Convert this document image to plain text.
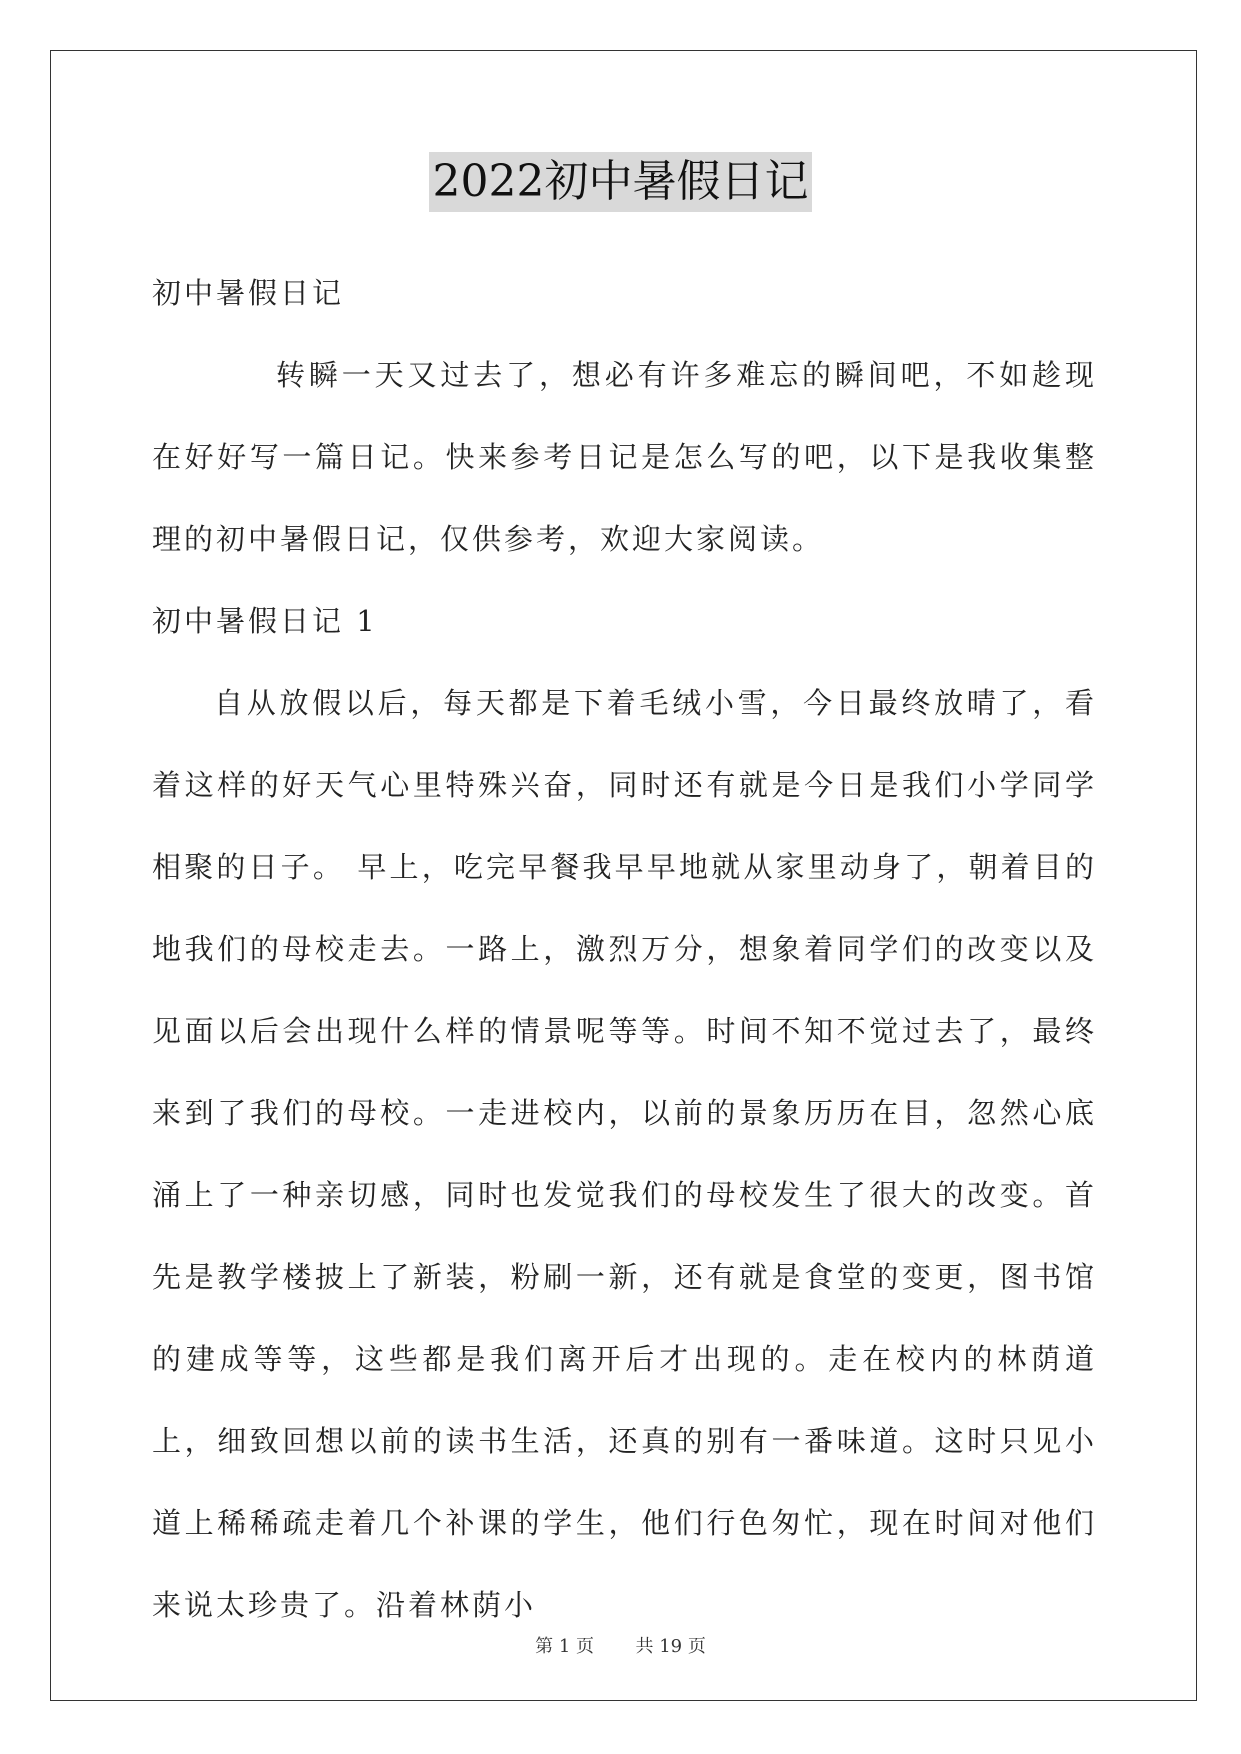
2022初中暑假日记

初中暑假日记

转瞬一天又过去了，想必有许多难忘的瞬间吧，不如趁现在好好写一篇日记。快来参考日记是怎么写的吧，以下是我收集整理的初中暑假日记，仅供参考，欢迎大家阅读。

初中暑假日记 1

自从放假以后，每天都是下着毛绒小雪，今日最终放晴了，看着这样的好天气心里特殊兴奋，同时还有就是今日是我们小学同学相聚的日子。 早上，吃完早餐我早早地就从家里动身了，朝着目的地我们的母校走去。一路上，激烈万分，想象着同学们的改变以及见面以后会出现什么样的情景呢等等。时间不知不觉过去了，最终来到了我们的母校。一走进校内，以前的景象历历在目，忽然心底涌上了一种亲切感，同时也发觉我们的母校发生了很大的改变。首先是教学楼披上了新装，粉刷一新，还有就是食堂的变更，图书馆的建成等等，这些都是我们离开后才出现的。走在校内的林荫道上，细致回想以前的读书生活，还真的别有一番味道。这时只见小道上稀稀疏走着几个补课的学生，他们行色匆忙，现在时间对他们来说太珍贵了。沿着林荫小

第 1 页 共 19 页
